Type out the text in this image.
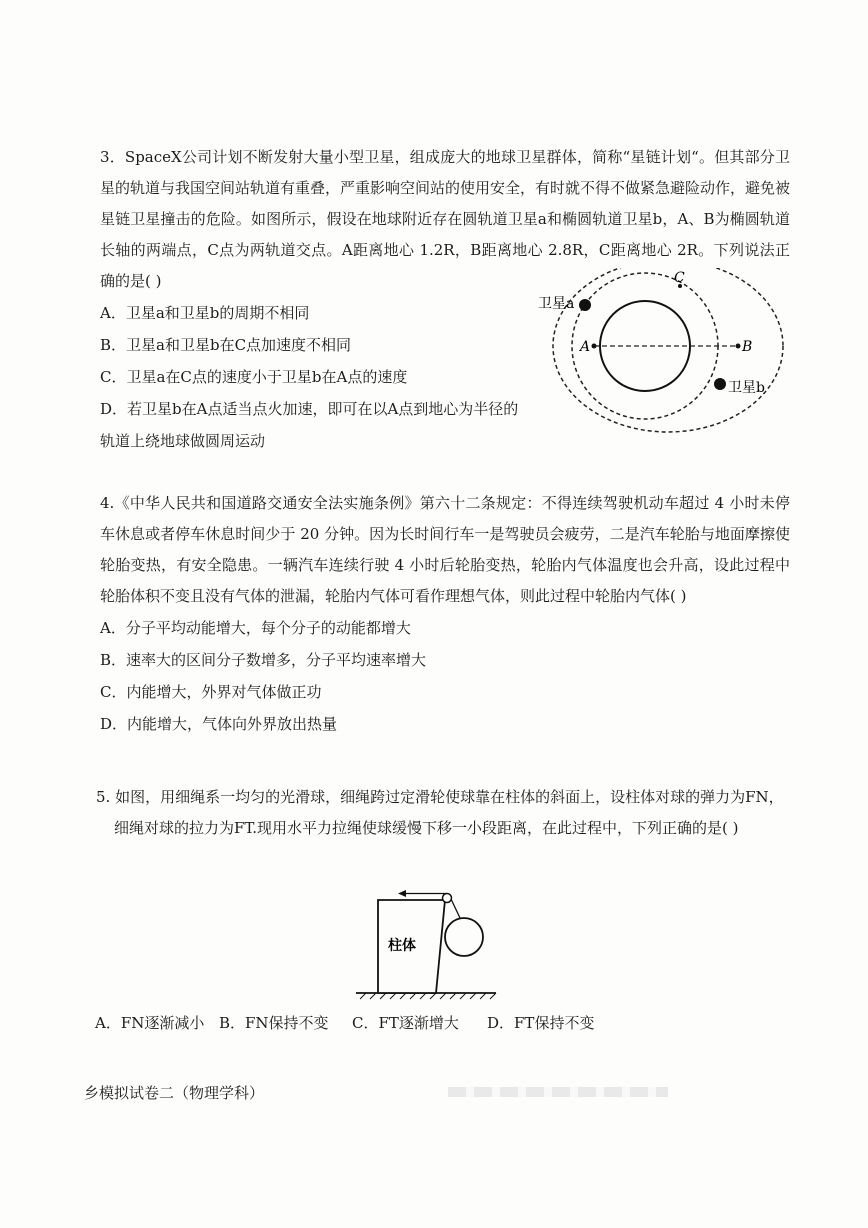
3．SpaceX公司计划不断发射大量小型卫星，组成庞大的地球卫星群体，简称“星链计划“。但其部分卫星的轨道与我国空间站轨道有重叠，严重影响空间站的使用安全，有时就不得不做紧急避险动作，避免被星链卫星撞击的危险。如图所示，假设在地球附近存在圆轨道卫星a和椭圆轨道卫星b，A、B为椭圆轨道长轴的两端点，C点为两轨道交点。A距离地心 1.2R，B距离地心 2.8R，C距离地心 2R。下列说法正确的是( )

A．卫星a和卫星b的周期不相同
B．卫星a和卫星b在C点加速度不相同
C．卫星a在C点的速度小于卫星b在A点的速度
D．若卫星b在A点适当点火加速，即可在以A点到地心为半径的轨道上绕地球做圆周运动
卫星a
卫星b
A	B
C

4.《中华人民共和国道路交通安全法实施条例》第六十二条规定：不得连续驾驶机动车超过 4 小时未停车休息或者停车休息时间少于 20 分钟。因为长时间行车一是驾驶员会疲劳，二是汽车轮胎与地面摩擦使轮胎变热，有安全隐患。一辆汽车连续行驶 4 小时后轮胎变热，轮胎内气体温度也会升高，设此过程中轮胎体积不变且没有气体的泄漏，轮胎内气体可看作理想气体，则此过程中轮胎内气体( )

A．分子平均动能增大，每个分子的动能都增大
B．速率大的区间分子数增多，分子平均速率增大
C．内能增大，外界对气体做正功
D．内能增大，气体向外界放出热量
5. 如图，用细绳系一均匀的光滑球，细绳跨过定滑轮使球靠在柱体的斜面上，设柱体对球的弹力为FN，
细绳对球的拉力为FT.现用水平力拉绳使球缓慢下移一小段距离，在此过程中，下列正确的是( )
柱体
A．FN逐渐减小 B．FN保持不变 C．FT逐渐增大 D．FT保持不变
乡模拟试卷二（物理学科）
